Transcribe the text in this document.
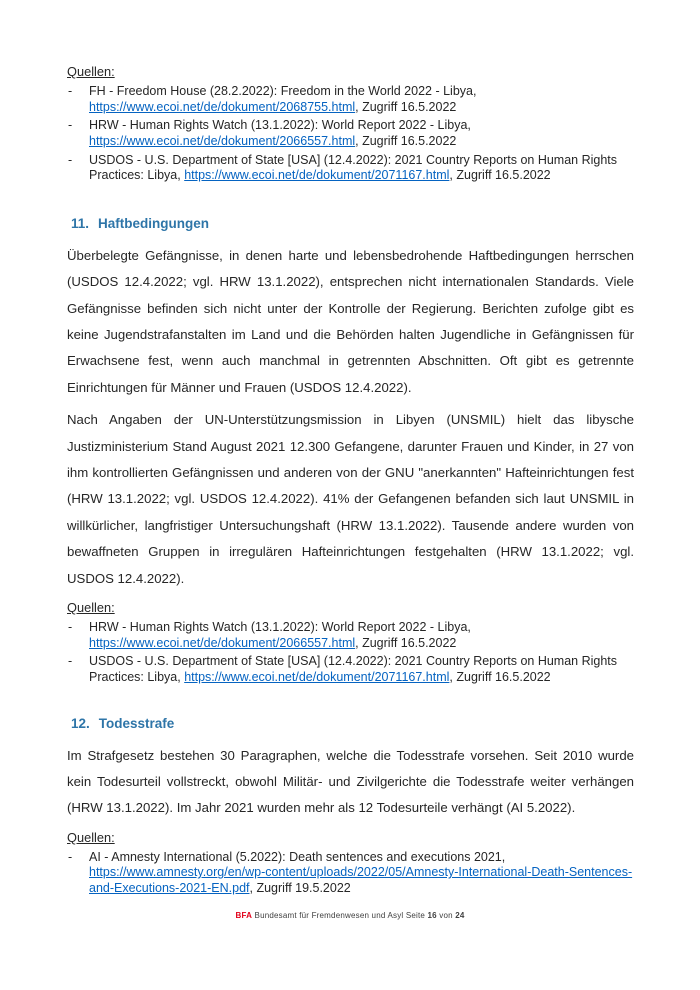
Quellen:
- FH - Freedom House (28.2.2022): Freedom in the World 2022 - Libya,
https://www.ecoi.net/de/dokument/2068755.html, Zugriff 16.5.2022
- HRW - Human Rights Watch (13.1.2022): World Report 2022 - Libya,
https://www.ecoi.net/de/dokument/2066557.html, Zugriff 16.5.2022
- USDOS - U.S. Department of State [USA] (12.4.2022): 2021 Country Reports on Human Rights Practices: Libya, https://www.ecoi.net/de/dokument/2071167.html, Zugriff 16.5.2022
11. Haftbedingungen

Überbelegte Gefängnisse, in denen harte und lebensbedrohende Haftbedingungen herrschen (USDOS 12.4.2022; vgl. HRW 13.1.2022), entsprechen nicht internationalen Standards. Viele Gefängnisse befinden sich nicht unter der Kontrolle der Regierung. Berichten zufolge gibt es keine Jugendstrafanstalten im Land und die Behörden halten Jugendliche in Gefängnissen für Erwachsene fest, wenn auch manchmal in getrennten Abschnitten. Oft gibt es getrennte Einrichtungen für Männer und Frauen (USDOS 12.4.2022).

Nach Angaben der UN-Unterstützungsmission in Libyen (UNSMIL) hielt das libysche Justizministerium Stand August 2021 12.300 Gefangene, darunter Frauen und Kinder, in 27 von ihm kontrollierten Gefängnissen und anderen von der GNU "anerkannten" Hafteinrichtungen fest (HRW 13.1.2022; vgl. USDOS 12.4.2022). 41% der Gefangenen befanden sich laut UNSMIL in willkürlicher, langfristiger Untersuchungshaft (HRW 13.1.2022). Tausende andere wurden von bewaffneten Gruppen in irregulären Hafteinrichtungen festgehalten (HRW 13.1.2022; vgl. USDOS 12.4.2022).

Quellen:
- HRW - Human Rights Watch (13.1.2022): World Report 2022 - Libya,
https://www.ecoi.net/de/dokument/2066557.html, Zugriff 16.5.2022
- USDOS - U.S. Department of State [USA] (12.4.2022): 2021 Country Reports on Human Rights Practices: Libya, https://www.ecoi.net/de/dokument/2071167.html, Zugriff 16.5.2022
12. Todesstrafe

Im Strafgesetz bestehen 30 Paragraphen, welche die Todesstrafe vorsehen. Seit 2010 wurde kein Todesurteil vollstreckt, obwohl Militär- und Zivilgerichte die Todesstrafe weiter verhängen (HRW 13.1.2022). Im Jahr 2021 wurden mehr als 12 Todesurteile verhängt (AI 5.2022).

Quellen:
- AI - Amnesty International (5.2022): Death sentences and executions 2021,
https://www.amnesty.org/en/wp-content/uploads/2022/05/Amnesty-International-Death-Sentences-and-Executions-2021-EN.pdf, Zugriff 19.5.2022
BFA Bundesamt für Fremdenwesen und Asyl Seite 16 von 24
